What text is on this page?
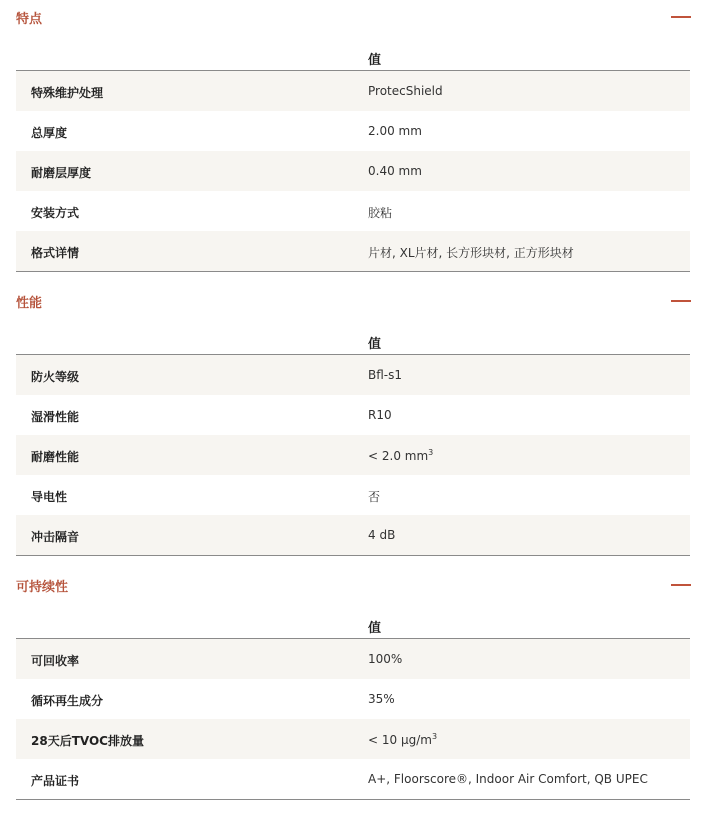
特点
值
特殊维护处理	ProtecShield
总厚度	2.00 mm
耐磨层厚度	0.40 mm
安装方式	胶粘
格式详情	片材, XL片材, 长方形块材, 正方形块材
性能
值
防火等级	Bfl-s1
湿滑性能	R10
耐磨性能	< 2.0 $mm^3$
导电性	否
冲击隔音	4 dB
可持续性
值
可回收率	100%
循环再生成分	35%
28天后TVOC排放量	< 10 $\mu g/m^3$
产品证书	A+, Floorscore®, Indoor Air Comfort, QB UPEC
